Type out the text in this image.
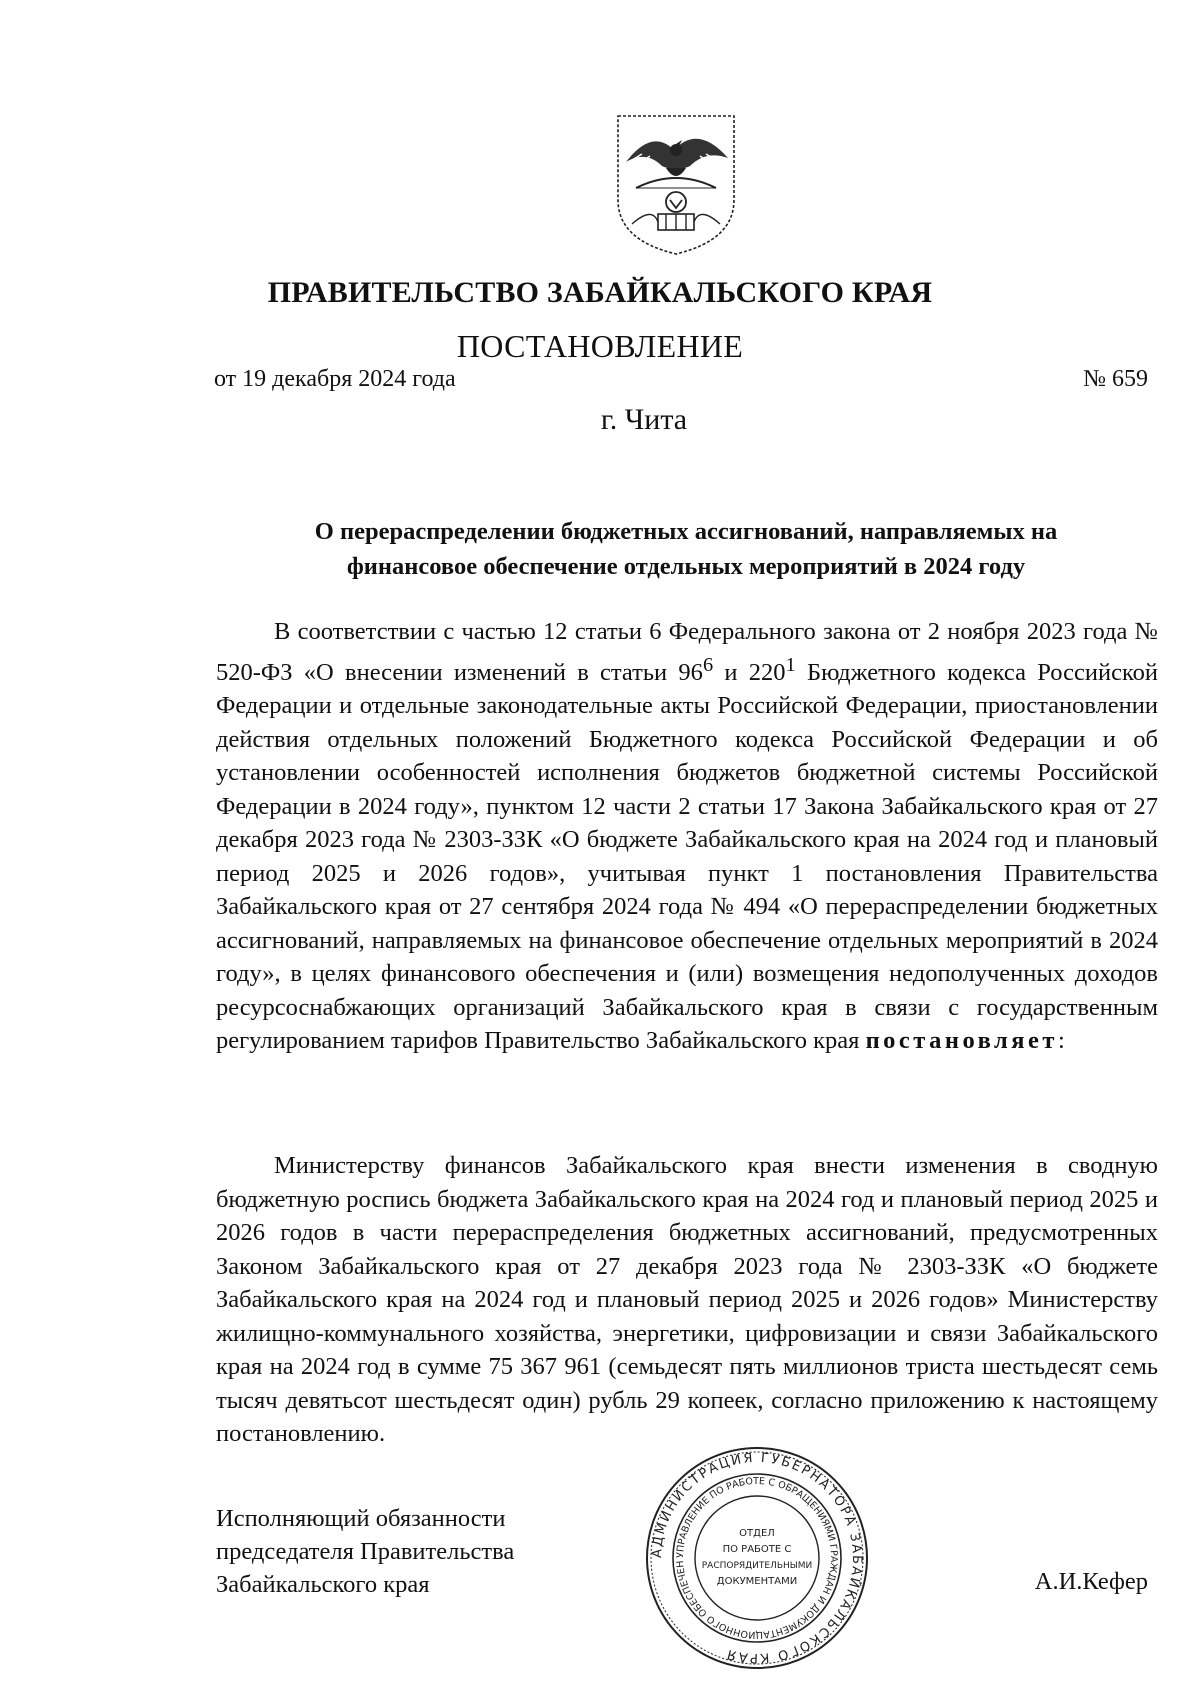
ПРАВИТЕЛЬСТВО ЗАБАЙКАЛЬСКОГО КРАЯ
ПОСТАНОВЛЕНИЕ
от 19 декабря 2024 года	№ 659
г. Чита
О перераспределении бюджетных ассигнований, направляемых на
финансовое обеспечение отдельных мероприятий в 2024 году

В соответствии с частью 12 статьи 6 Федерального закона от 2 ноября 2023 года № 520-ФЗ «О внесении изменений в статьи $96^6$ и $220^1$ Бюджетного кодекса Российской Федерации и отдельные законодательные акты Российской Федерации, приостановлении действия отдельных положений Бюджетного кодекса Российской Федерации и об установлении особенностей исполнения бюджетов бюджетной системы Российской Федерации в 2024 году», пунктом 12 части 2 статьи 17 Закона Забайкальского края от 27 декабря 2023 года № 2303-ЗЗК «О бюджете Забайкальского края на 2024 год и плановый период 2025 и 2026 годов», учитывая пункт 1 постановления Правительства Забайкальского края от 27 сентября 2024 года № 494 «О перераспределении бюджетных ассигнований, направляемых на финансовое обеспечение отдельных мероприятий в 2024 году», в целях финансового обеспечения и (или) возмещения недополученных доходов ресурсоснабжающих организаций Забайкальского края в связи с государственным регулированием тарифов Правительство Забайкальского края постановляет:

Министерству финансов Забайкальского края внести изменения в сводную бюджетную роспись бюджета Забайкальского края на 2024 год и плановый период 2025 и 2026 годов в части перераспределения бюджетных ассигнований, предусмотренных Законом Забайкальского края от 27 декабря 2023 года № 2303-ЗЗК «О бюджете Забайкальского края на 2024 год и плановый период 2025 и 2026 годов» Министерству жилищно-коммунального хозяйства, энергетики, цифровизации и связи Забайкальского края на 2024 год в сумме 75 367 961 (семьдесят пять миллионов триста шестьдесят семь тысяч девятьсот шестьдесят один) рубль 29 копеек, согласно приложению к настоящему постановлению.

Исполняющий обязанности
председателя Правительства
Забайкальского края	А.И.Кефер
АДМИНИСТРАЦИЯ ГУБЕРНАТОРА ЗАБАЙКАЛЬСКОГО КРАЯ
УПРАВЛЕНИЕ ПО РАБОТЕ С ОБРАЩЕНИЯМИ ГРАЖДАН И ДОКУМЕНТАЦИОННОГО ОБЕСПЕЧЕН
ОТДЕЛ
ПО РАБОТЕ С
РАСПОРЯДИТЕЛЬНЫМИ
ДОКУМЕНТАМИ
